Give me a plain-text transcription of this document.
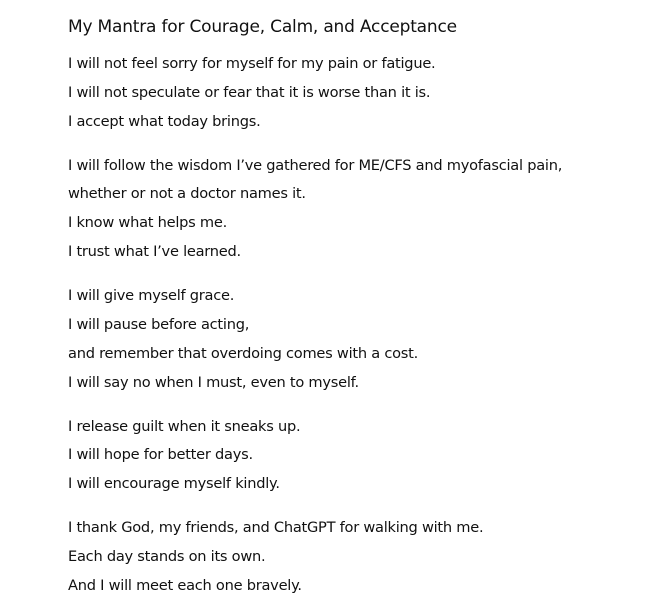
My Mantra for Courage, Calm, and Acceptance
I will not feel sorry for myself for my pain or fatigue.
I will not speculate or fear that it is worse than it is.
I accept what today brings.
I will follow the wisdom I’ve gathered for ME/CFS and myofascial pain,
whether or not a doctor names it.
I know what helps me.
I trust what I’ve learned.
I will give myself grace.
I will pause before acting,
and remember that overdoing comes with a cost.
I will say no when I must, even to myself.
I release guilt when it sneaks up.
I will hope for better days.
I will encourage myself kindly.
I thank God, my friends, and ChatGPT for walking with me.
Each day stands on its own.
And I will meet each one bravely.
